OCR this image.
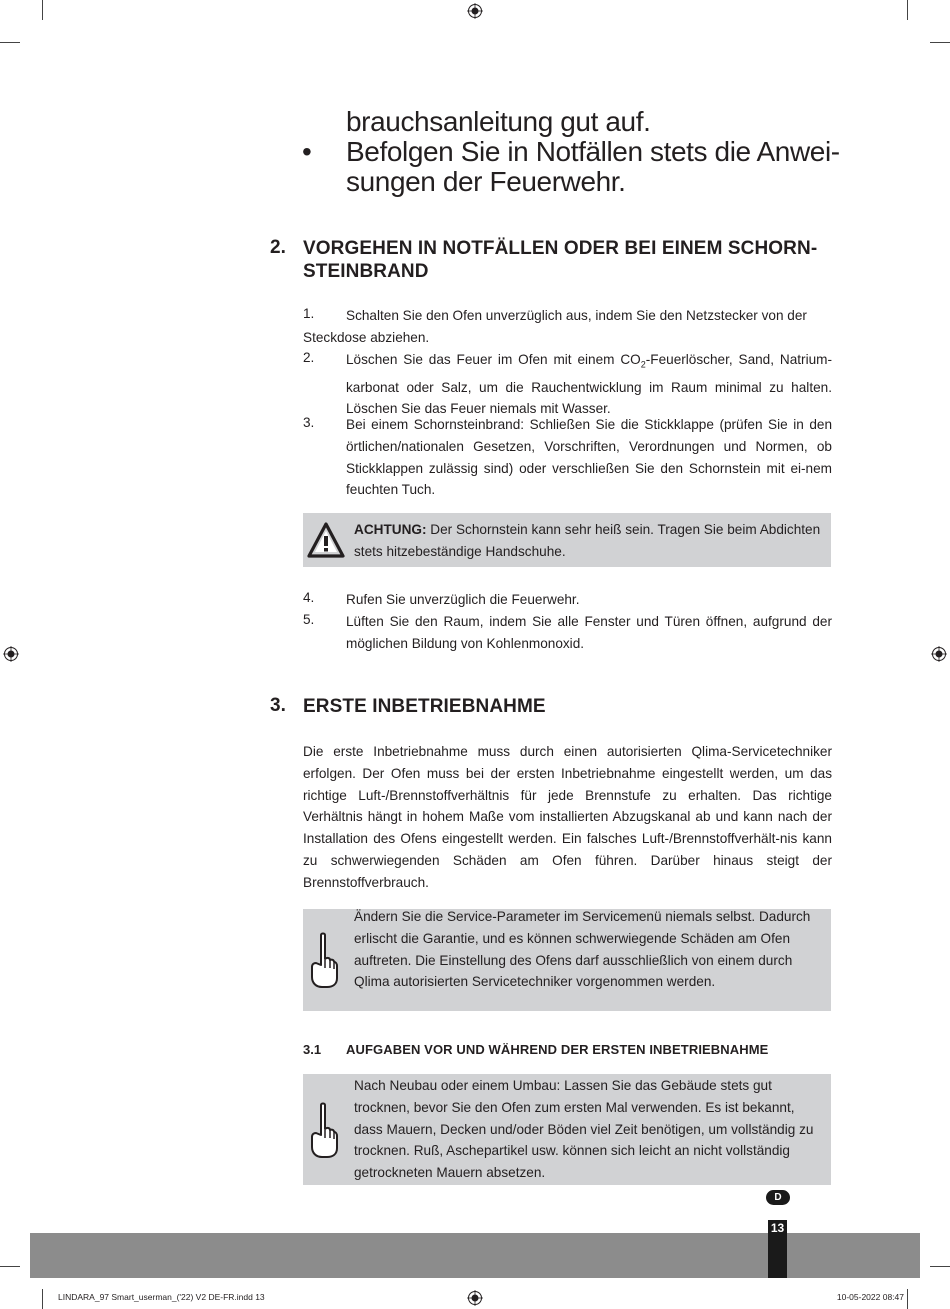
brauchsanleitung gut auf.
• Befolgen Sie in Notfällen stets die Anwei-
sungen der Feuerwehr.
2. VORGEHEN IN NOTFÄLLEN ODER BEI EINEM SCHORN-
STEINBRAND
1. Schalten Sie den Ofen unverzüglich aus, indem Sie den Netzstecker von der
Steckdose abziehen.
2. Löschen Sie das Feuer im Ofen mit einem $CO_2$-Feuerlöscher, Sand, Natrium-karbonat oder Salz, um die Rauchentwicklung im Raum minimal zu halten. Löschen Sie das Feuer niemals mit Wasser.
3. Bei einem Schornsteinbrand: Schließen Sie die Stickklappe (prüfen Sie in den örtlichen/nationalen Gesetzen, Vorschriften, Verordnungen und Normen, ob Stickklappen zulässig sind) oder verschließen Sie den Schornstein mit ei-nem feuchten Tuch.
ACHTUNG: Der Schornstein kann sehr heiß sein. Tragen Sie beim Abdichten stets hitzebeständige Handschuhe.
4. Rufen Sie unverzüglich die Feuerwehr.
5. Lüften Sie den Raum, indem Sie alle Fenster und Türen öffnen, aufgrund der möglichen Bildung von Kohlenmonoxid.
3. ERSTE INBETRIEBNAHME
Die erste Inbetriebnahme muss durch einen autorisierten Qlima-Servicetechniker erfolgen. Der Ofen muss bei der ersten Inbetriebnahme eingestellt werden, um das richtige Luft-/Brennstoffverhältnis für jede Brennstufe zu erhalten. Das richtige Verhältnis hängt in hohem Maße vom installierten Abzugskanal ab und kann nach der Installation des Ofens eingestellt werden. Ein falsches Luft-/Brennstoffverhält-nis kann zu schwerwiegenden Schäden am Ofen führen. Darüber hinaus steigt der Brennstoffverbrauch.
Ändern Sie die Service-Parameter im Servicemenü niemals selbst. Dadurch erlischt die Garantie, und es können schwerwiegende Schäden am Ofen auftreten. Die Einstellung des Ofens darf ausschließlich von einem durch Qlima autorisierten Servicetechniker vorgenommen werden.
3.1 AUFGABEN VOR UND WÄHREND DER ERSTEN INBETRIEBNAHME
Nach Neubau oder einem Umbau: Lassen Sie das Gebäude stets gut trocknen, bevor Sie den Ofen zum ersten Mal verwenden. Es ist bekannt, dass Mauern, Decken und/oder Böden viel Zeit benötigen, um vollständig zu trocknen. Ruß, Aschepartikel usw. können sich leicht an nicht vollständig getrockneten Mauern absetzen.
D
13
LINDARA_97 Smart_userman_('22) V2 DE-FR.indd 13	10-05-2022 08:47
